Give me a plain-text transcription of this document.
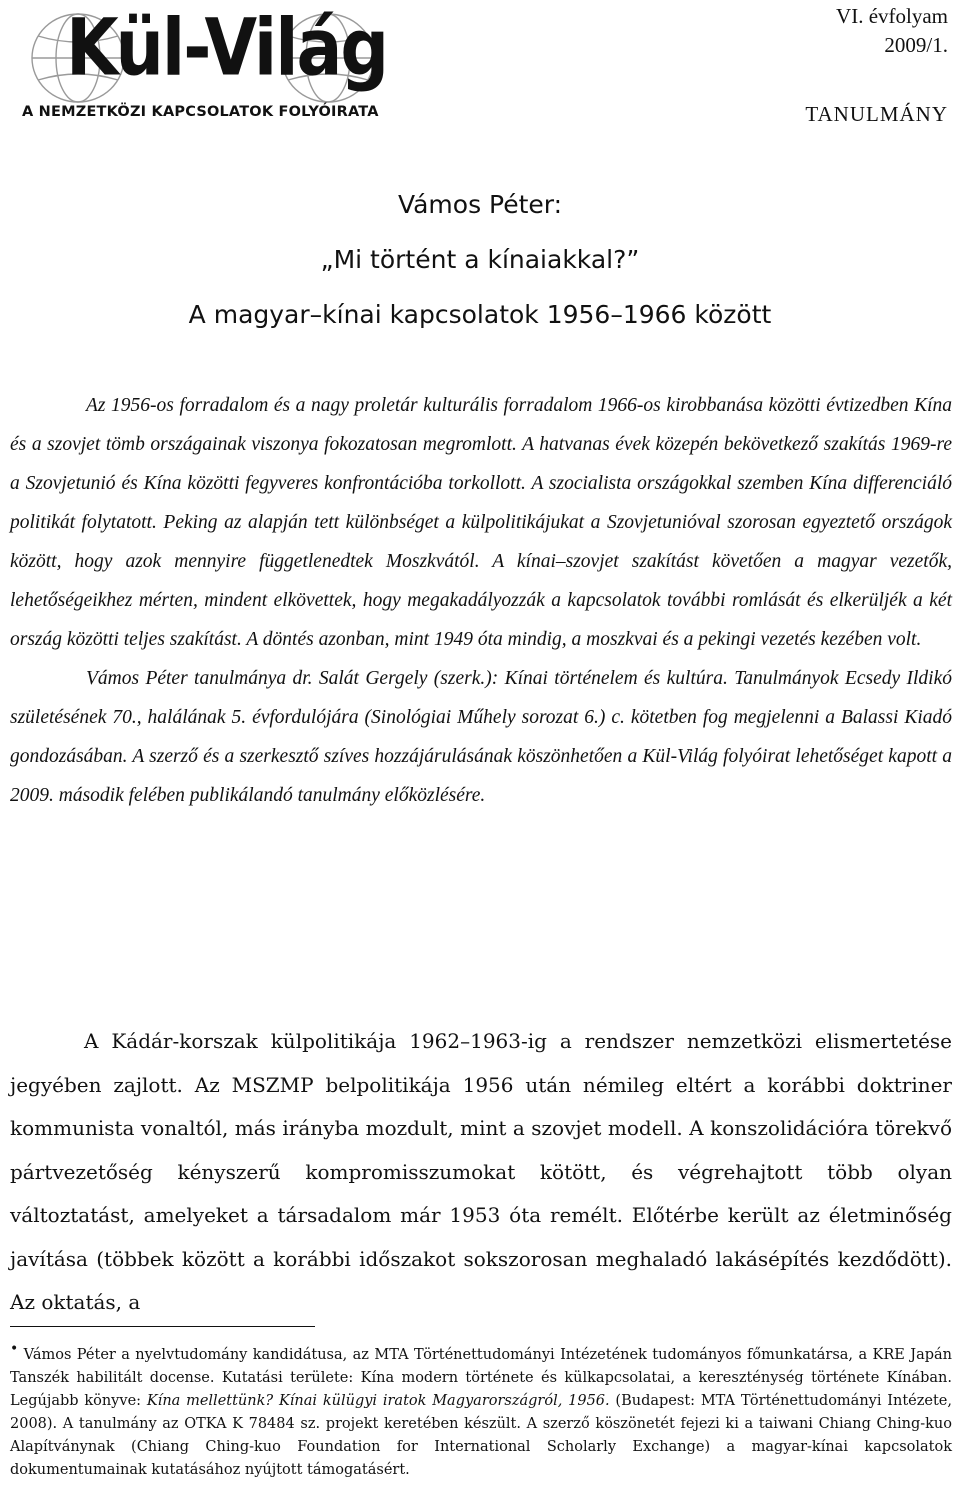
Kül-Világ
A NEMZETKÖZI KAPCSOLATOK FOLYÓIRATA
VI. évfolyam
2009/1.
TANULMÁNY
Vámos Péter:
„Mi történt a kínaiakkal?”
A magyar–kínai kapcsolatok 1956–1966 között

Az 1956-os forradalom és a nagy proletár kulturális forradalom 1966-os kirobbanása közötti évtizedben Kína és a szovjet tömb országainak viszonya fokozatosan megromlott. A hatvanas évek közepén bekövetkező szakítás 1969-re a Szovjetunió és Kína közötti fegyveres konfrontációba torkollott. A szocialista országokkal szemben Kína differenciáló politikát folytatott. Peking az alapján tett különbséget a külpolitikájukat a Szovjetunióval szorosan egyeztető országok között, hogy azok mennyire függetlenedtek Moszkvától. A kínai–szovjet szakítást követően a magyar vezetők, lehetőségeikhez mérten, mindent elkövettek, hogy megakadályozzák a kapcsolatok további romlását és elkerüljék a két ország közötti teljes szakítást. A döntés azonban, mint 1949 óta mindig, a moszkvai és a pekingi vezetés kezében volt.

Vámos Péter tanulmánya dr. Salát Gergely (szerk.): Kínai történelem és kultúra. Tanulmányok Ecsedy Ildikó születésének 70., halálának 5. évfordulójára (Sinológiai Műhely sorozat 6.) c. kötetben fog megjelenni a Balassi Kiadó gondozásában. A szerző és a szerkesztő szíves hozzájárulásának köszönhetően a Kül-Világ folyóirat lehetőséget kapott a 2009. második felében publikálandó tanulmány előközlésére.

A Kádár-korszak külpolitikája 1962–1963-ig a rendszer nemzetközi elismertetése jegyében zajlott. Az MSZMP belpolitikája 1956 után némileg eltért a korábbi doktriner kommunista vonaltól, más irányba mozdult, mint a szovjet modell. A konszolidációra törekvő pártvezetőség kényszerű kompromisszumokat kötött, és végrehajtott több olyan változtatást, amelyeket a társadalom már 1953 óta remélt. Előtérbe került az életminőség javítása (többek között a korábbi időszakot sokszorosan meghaladó lakásépítés kezdődött). Az oktatás, a

• Vámos Péter a nyelvtudomány kandidátusa, az MTA Történettudományi Intézetének tudományos főmunkatársa, a KRE Japán Tanszék habilitált docense. Kutatási területe: Kína modern története és külkapcsolatai, a kereszténység története Kínában. Legújabb könyve: Kína mellettünk? Kínai külügyi iratok Magyarországról, 1956. (Budapest: MTA Történettudományi Intézete, 2008). A tanulmány az OTKA K 78484 sz. projekt keretében készült. A szerző köszönetét fejezi ki a taiwani Chiang Ching-kuo Alapítványnak (Chiang Ching-kuo Foundation for International Scholarly Exchange) a magyar-kínai kapcsolatok dokumentumainak kutatásához nyújtott támogatásért.
